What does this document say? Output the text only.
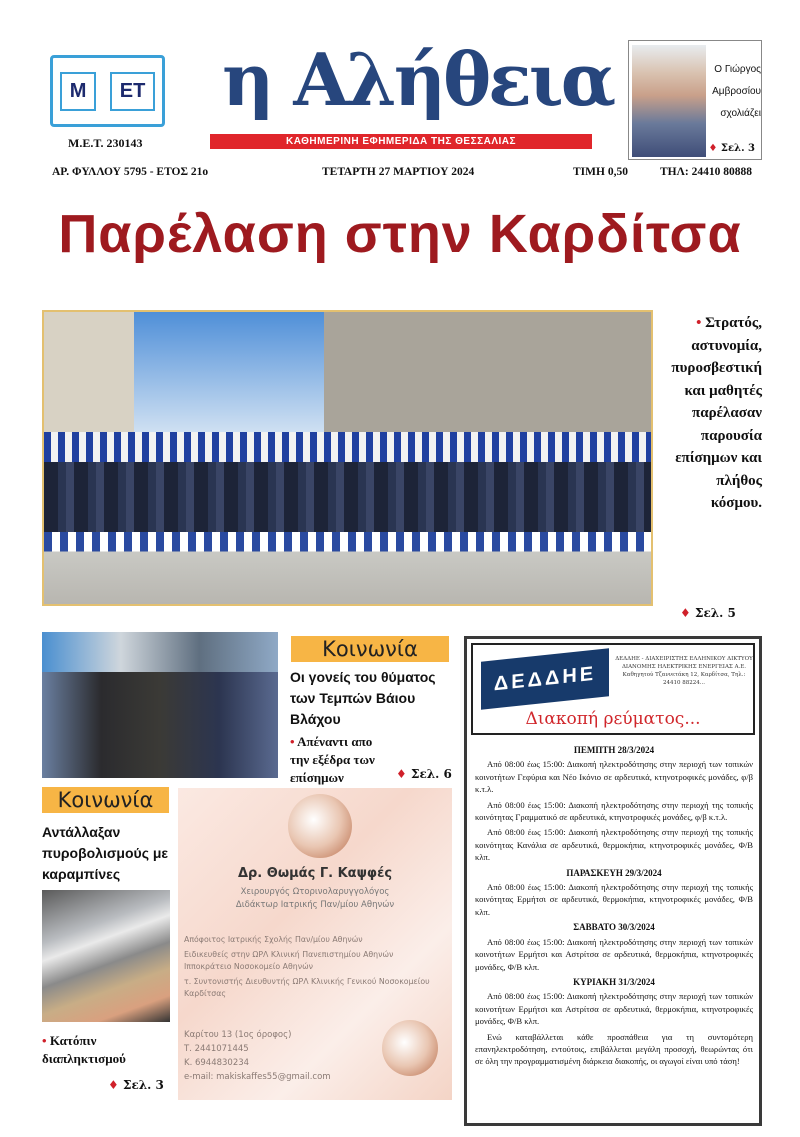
Μ	ΕΤ
Μ.Ε.Τ. 230143
η Αλήθεια
ΚΑΘΗΜΕΡΙΝΗ ΕΦΗΜΕΡΙΔΑ ΤΗΣ ΘΕΣΣΑΛΙΑΣ
Ο Γιώργος
Αμβροσίου
σχολιάζει
♦ Σελ. 3
ΑΡ. ΦΥΛΛΟΥ 5795 - ΕΤΟΣ 21ο	ΤΕΤΑΡΤΗ 27 ΜΑΡΤΙΟΥ 2024	ΤΙΜΗ 0,50	ΤΗΛ: 24410 80888
Παρέλαση στην Καρδίτσα
• Στρατός, αστυνομία, πυροσβεστική και μαθητές παρέλασαν παρουσία επίσημων και πλήθος κόσμου.
♦ Σελ. 5
Κοινωνία
Οι γονείς του θύματος των Τεμπών Βάιου Βλάχου
• Απέναντι απο την εξέδρα των επίσημων	♦ Σελ. 6
Κοινωνία
Αντάλλαξαν πυροβολισμούς με καραμπίνες
• Κατόπιν διαπληκτισμού
♦ Σελ. 3
Δρ. Θωμάς Γ. Καψφές
Χειρουργός Ωτορινολαρυγγολόγος
Διδάκτωρ Ιατρικής Παν/μίου Αθηνών
Απόφοιτος Ιατρικής Σχολής Παν/μίου Αθηνών
Ειδικευθείς στην ΩΡΛ Κλινική Πανεπιστημίου Αθηνών Ιπποκράτειο Νοσοκομείο Αθηνών
τ. Συντονιστής Διευθυντής ΩΡΛ Κλινικής Γενικού Νοσοκομείου Καρδίτσας
Καρίτου 13 (1ος όροφος)
Τ. 2441071445
Κ. 6944830234
e-mail: makiskaffes55@gmail.com
ΔΕΔΔΗΕ
ΔΕΔΔΗΕ - ΔΙΑΧΕΙΡΙΣΤΗΣ ΕΛΛΗΝΙΚΟΥ ΔΙΚΤΥΟΥ ΔΙΑΝΟΜΗΣ ΗΛΕΚΤΡΙΚΗΣ ΕΝΕΡΓΕΙΑΣ Α.Ε. Καθηγητού Τζαννετάκη 12, Καρδίτσα, Τηλ.: 24410 88224...
Διακοπή ρεύματος...
ΠΕΜΠΤΗ 28/3/2024

Από 08:00 έως 15:00: Διακοπή ηλεκτροδότησης στην περιοχή των τοπικών κοινοτήτων Γεφύρια και Νέο Ικόνιο σε αρδευτικά, κτηνοτροφικές μονάδες, φ/β κ.τ.λ.

Από 08:00 έως 15:00: Διακοπή ηλεκτροδότησης στην περιοχή της τοπικής κοινότητας Γραμματικό σε αρδευτικά, κτηνοτροφικές μονάδες, φ/β κ.τ.λ.

Από 08:00 έως 15:00: Διακοπή ηλεκτροδότησης στην περιοχή της τοπικής κοινότητας Κανάλια σε αρδευτικά, θερμοκήπια, κτηνοτροφικές μονάδες, Φ/Β κλπ.

ΠΑΡΑΣΚΕΥΗ 29/3/2024

Από 08:00 έως 15:00: Διακοπή ηλεκτροδότησης στην περιοχή της τοπικής κοινότητας Ερμήτσι σε αρδευτικά, θερμοκήπια, κτηνοτροφικές μονάδες, Φ/Β κλπ.

ΣΑΒΒΑΤΟ 30/3/2024

Από 08:00 έως 15:00: Διακοπή ηλεκτροδότησης στην περιοχή των τοπικών κοινοτήτων Ερμήτσι και Αστρίτσα σε αρδευτικά, θερμοκήπια, κτηνοτροφικές μονάδες, Φ/Β κλπ.

ΚΥΡΙΑΚΗ 31/3/2024

Από 08:00 έως 15:00: Διακοπή ηλεκτροδότησης στην περιοχή των τοπικών κοινοτήτων Ερμήτσι και Αστρίτσα σε αρδευτικά, θερμοκήπια, κτηνοτροφικές μονάδες, Φ/Β κλπ.

Ενώ καταβάλλεται κάθε προσπάθεια για τη συντομότερη επανηλεκτροδότηση, εντούτοις, επιβάλλεται μεγάλη προσοχή, θεωρώντας ότι σε όλη την προγραμματισμένη διάρκεια διακοπής, οι αγωγοί είναι υπό τάση!
